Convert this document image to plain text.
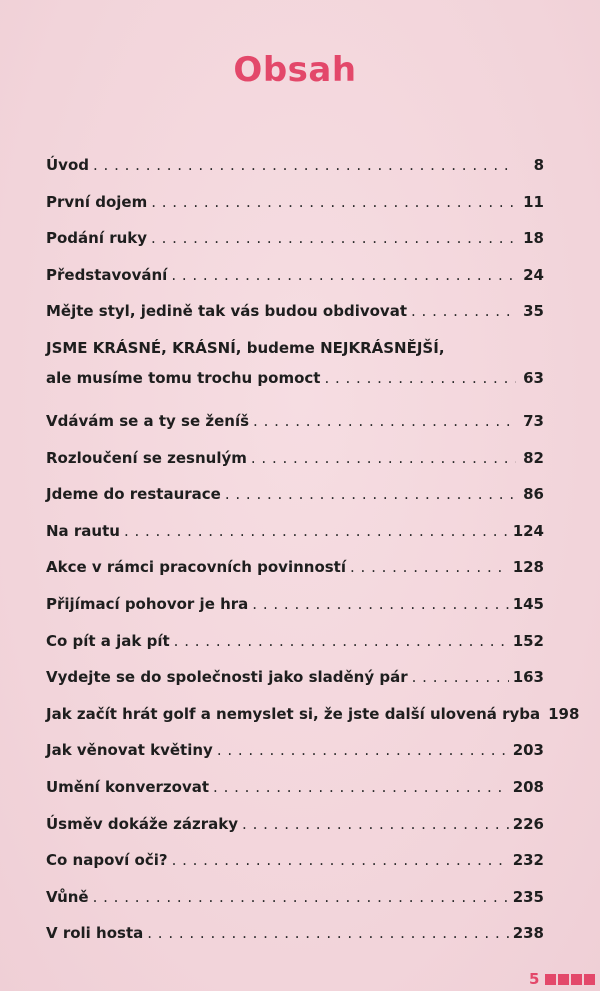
Obsah
Úvod . . .	8
První dojem . . .	11
Podání ruky . . .	18
Představování . . .	24
Mějte styl, jedině tak vás budou obdivovat . . .	35
JSME KRÁSNÉ, KRÁSNÍ, budeme NEJKRÁSNĚJŠÍ,
ale musíme tomu trochu pomoct . . .	63
Vdávám se a ty se ženíš . . .	73
Rozloučení se zesnulým . . .	82
Jdeme do restaurace . . .	86
Na rautu . . .	124
Akce v rámci pracovních povinností . . .	128
Přijímací pohovor je hra . . .	145
Co pít a jak pít . . .	152
Vydejte se do společnosti jako sladěný pár . . .	163
Jak začít hrát golf a nemyslet si, že jste další ulovená ryba 198
Jak věnovat květiny . . .	203
Umění konverzovat . . .	208
Úsměv dokáže zázraky . . .	226
Co napoví oči? . . .	232
Vůně . . .	235
V roli hosta . . .	238
5
